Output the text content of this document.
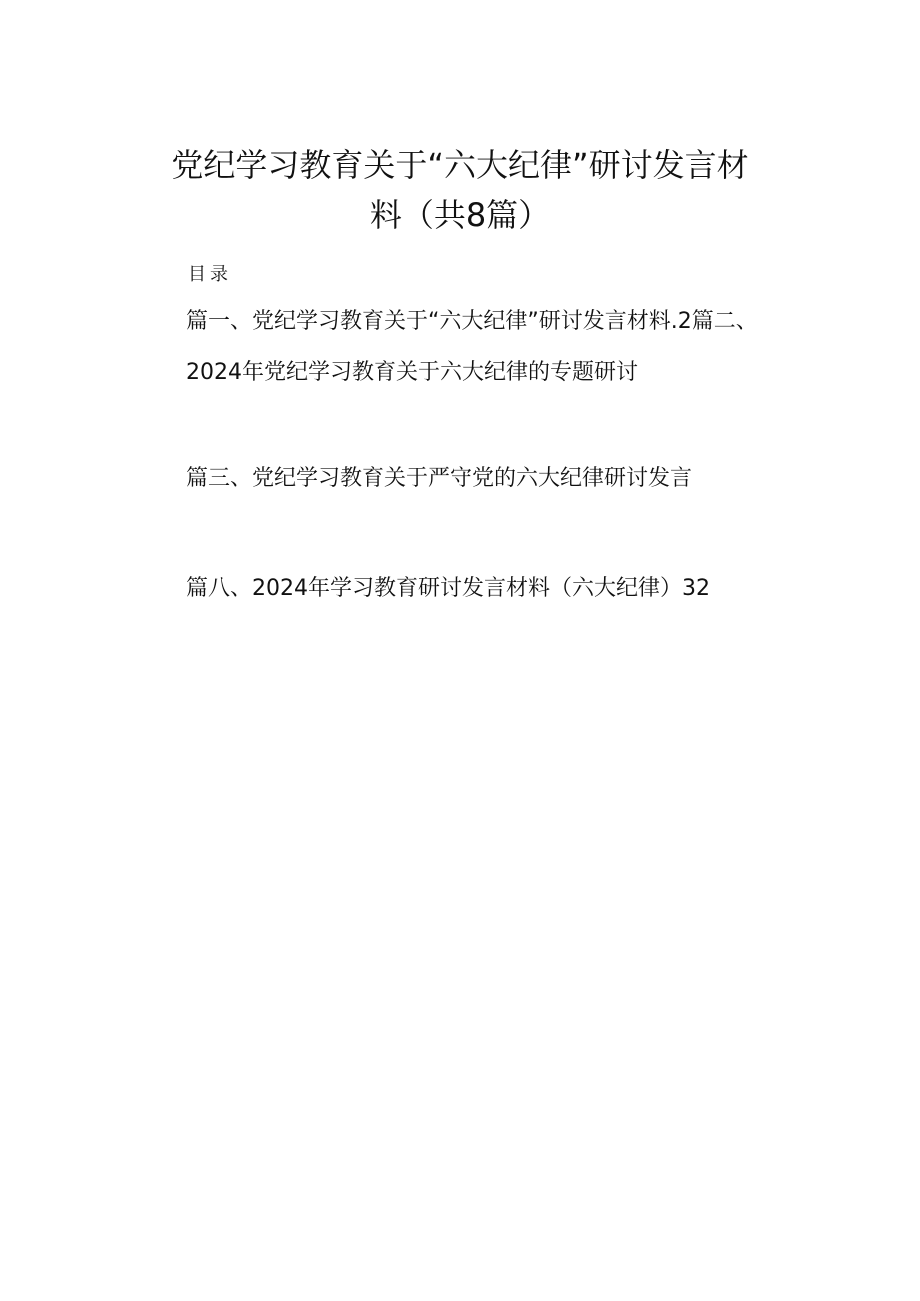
党纪学习教育关于“六大纪律”研讨发言材
料（共8篇）

目录

篇一、党纪学习教育关于“六大纪律”研讨发言材料.2篇二、

2024年党纪学习教育关于六大纪律的专题研讨

篇三、党纪学习教育关于严守党的六大纪律研讨发言

篇八、2024年学习教育研讨发言材料（六大纪律）32
